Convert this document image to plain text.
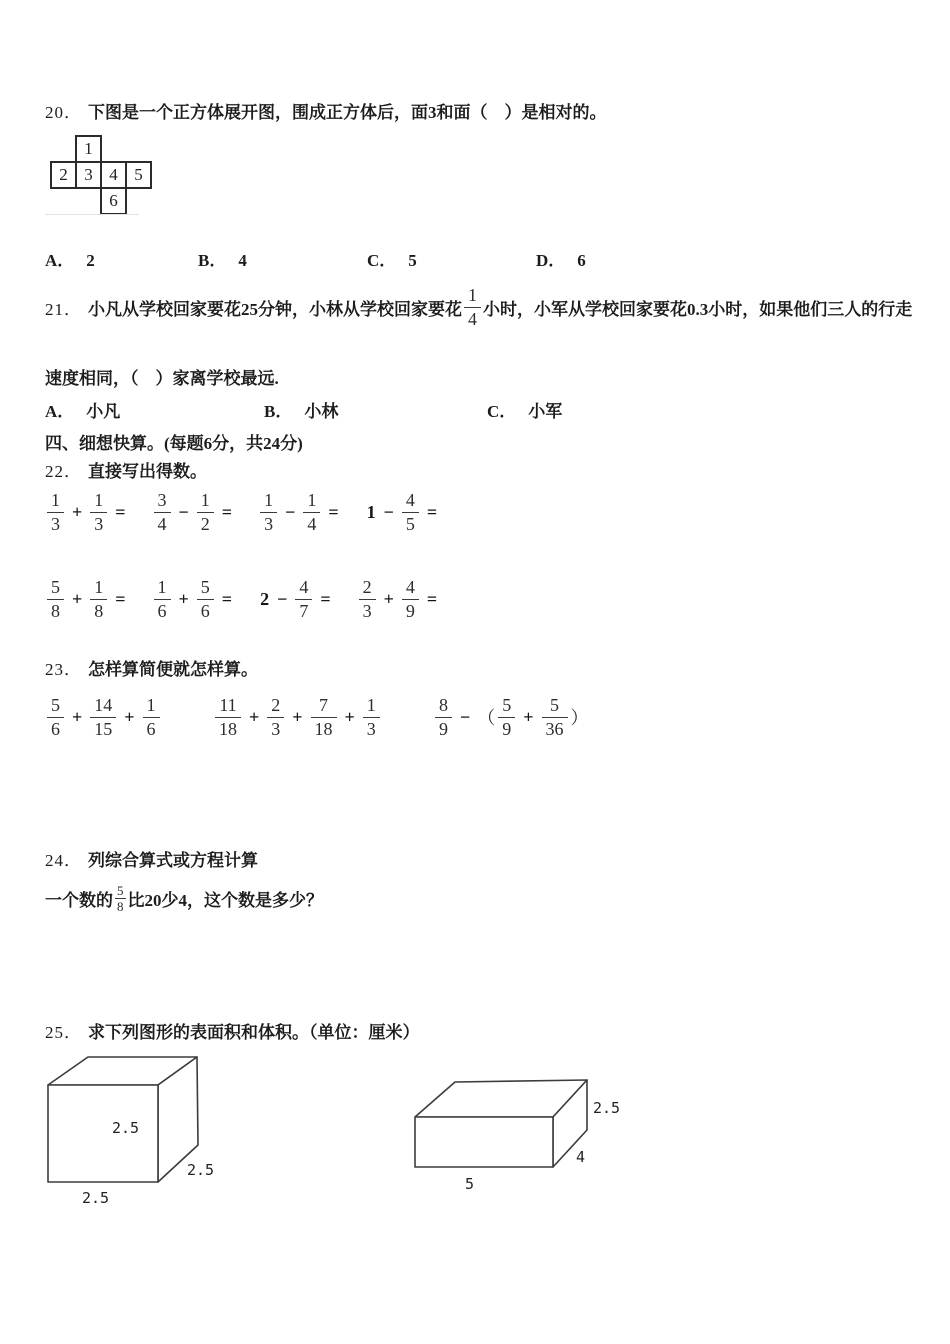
20． 下图是一个正方体展开图，围成正方体后，面3和面（　）是相对的。
1
2 3 4 5
6
A． 2	B． 4	C． 5	D． 6
21． 小凡从学校回家要花25分钟，小林从学校回家要花 $\frac{1}{4}$ 小时，小军从学校回家要花0.3小时，如果他们三人的行走
速度相同，（　）家离学校最远.
A． 小凡	B． 小林	C． 小军
四、细想快算。(每题6分，共24分)
22． 直接写出得数。
$\frac{1}{3} + \frac{1}{3} = \frac{3}{4} - \frac{1}{2} = \frac{1}{3} - \frac{1}{4} = 1 - \frac{4}{5}$ =
$\frac{5}{8} + \frac{1}{8} = \frac{1}{6} + \frac{5}{6} = 2 - \frac{4}{7} = \frac{2}{3} + \frac{4}{9}$ =
23． 怎样算简便就怎样算。
$\frac{5}{6} + \frac{14}{15} + \frac{1}{6}$	$\frac{11}{18} + \frac{2}{3} + \frac{7}{18} + \frac{1}{3}$	$\frac{8}{9}$ − （ $\frac{5}{9} + \frac{5}{36}$ ）
24． 列综合算式或方程计算
一个数的 $\frac{5}{8}$ 比20少4，这个数是多少？
25． 求下列图形的表面积和体积。（单位：厘米）
2.5
2.5
2.5
2.5
4
5
